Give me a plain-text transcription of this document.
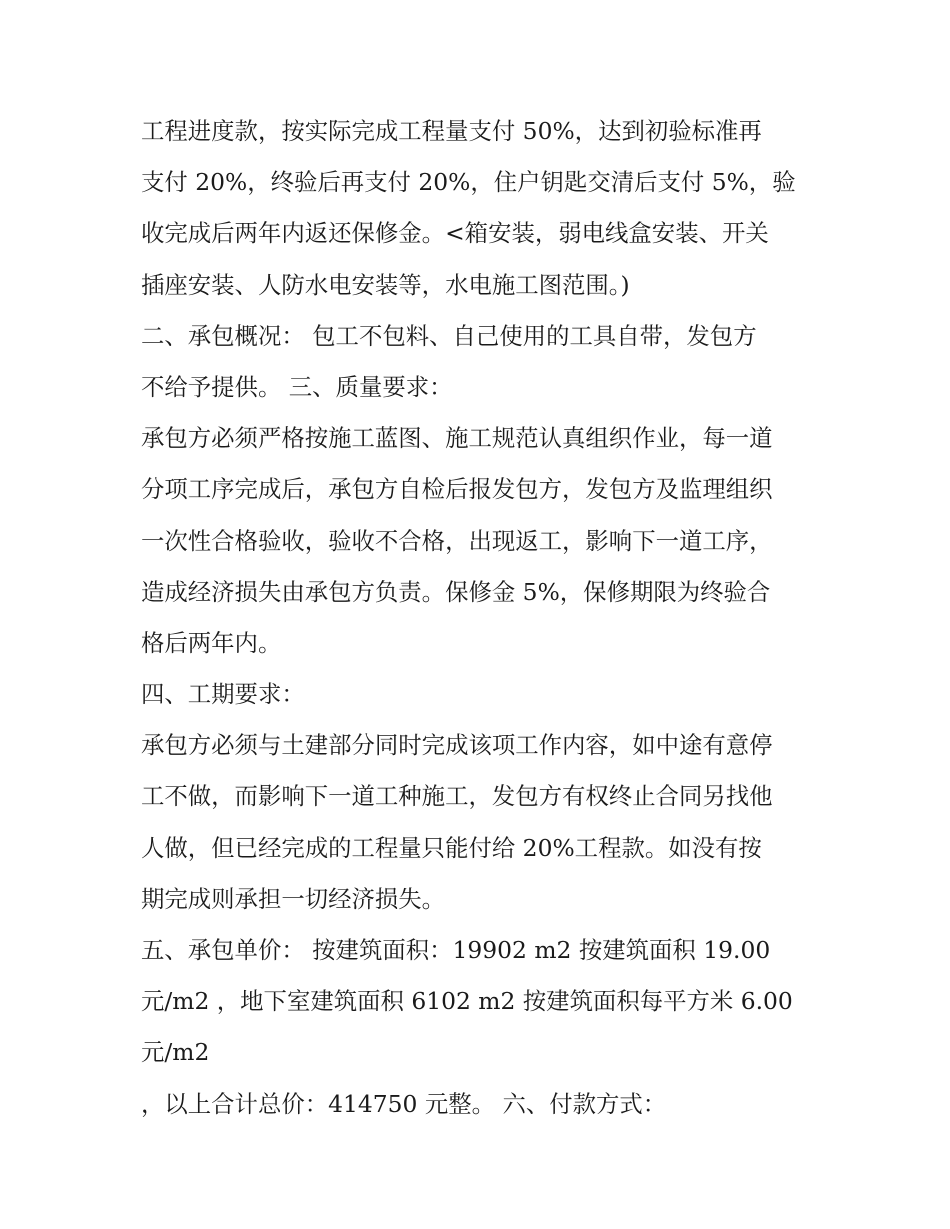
工程进度款，按实际完成工程量支付 50%，达到初验标准再
支付 20%，终验后再支付 20%，住户钥匙交清后支付 5%，验
收完成后两年内返还保修金。<箱安装，弱电线盒安装、开关
插座安装、人防水电安装等，水电施工图范围。)
二、承包概况： 包工不包料、自己使用的工具自带，发包方
不给予提供。 三、质量要求：
承包方必须严格按施工蓝图、施工规范认真组织作业，每一道
分项工序完成后，承包方自检后报发包方，发包方及监理组织
一次性合格验收，验收不合格，出现返工，影响下一道工序，
造成经济损失由承包方负责。保修金 5%，保修期限为终验合
格后两年内。
四、工期要求：
承包方必须与土建部分同时完成该项工作内容，如中途有意停
工不做，而影响下一道工种施工，发包方有权终止合同另找他
人做，但已经完成的工程量只能付给 20%工程款。如没有按
期完成则承担一切经济损失。
五、承包单价： 按建筑面积：19902 m2 按建筑面积 19.00
元/m2 ，地下室建筑面积 6102 m2 按建筑面积每平方米 6.00
元/m2
，以上合计总价：414750 元整。 六、付款方式：
